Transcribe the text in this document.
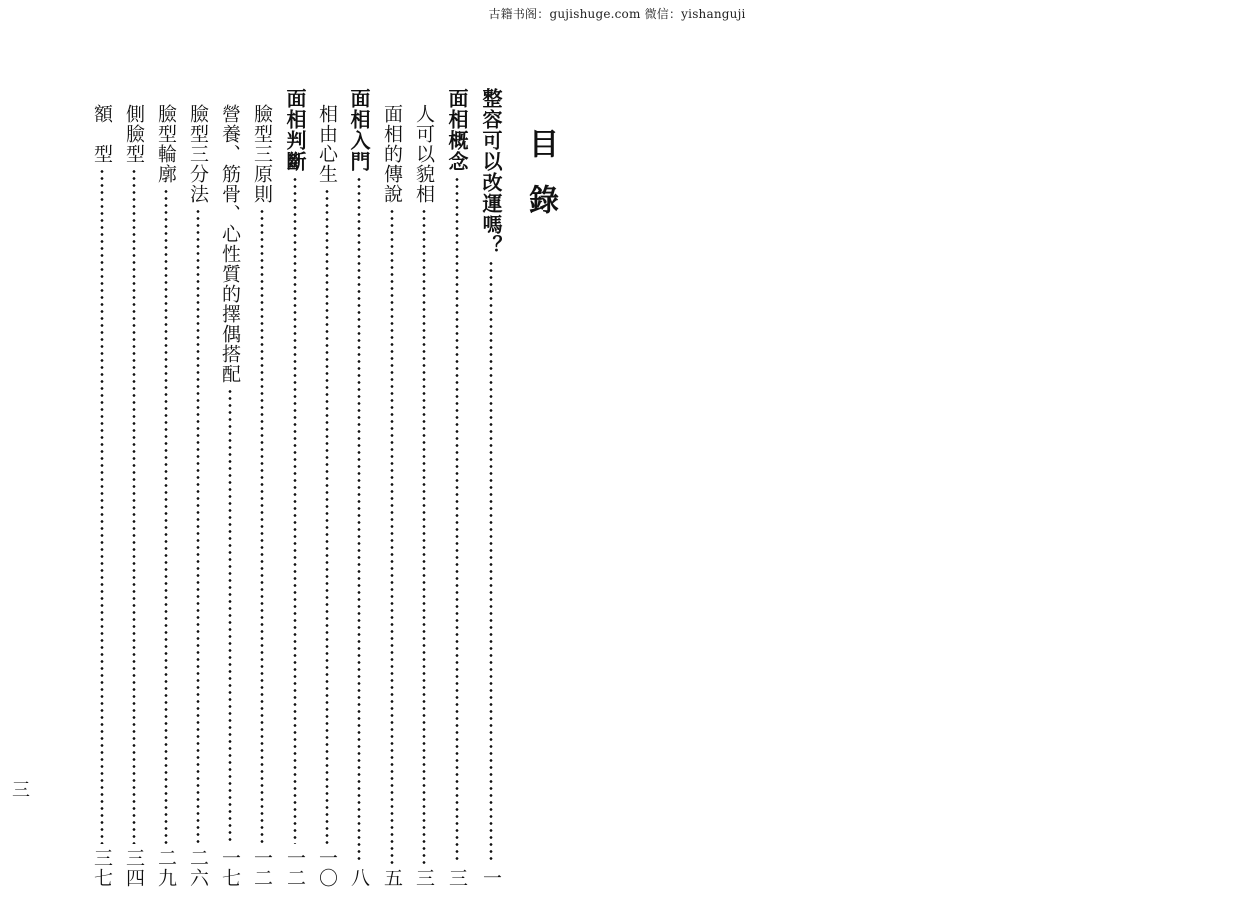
古籍书阁：gujishuge.com 微信：yishanguji
目錄
整容可以改運嗎？
一
面相概念
三
人可以貌相
三
面相的傳說
五
面相入門
八
相由心生
一〇
面相判斷
一二
臉型三原則
一二
營養、筋骨、心性質的擇偶搭配
一七
臉型三分法
二六
臉型輪廓
二九
側臉型
三四
額　型
三七
三
